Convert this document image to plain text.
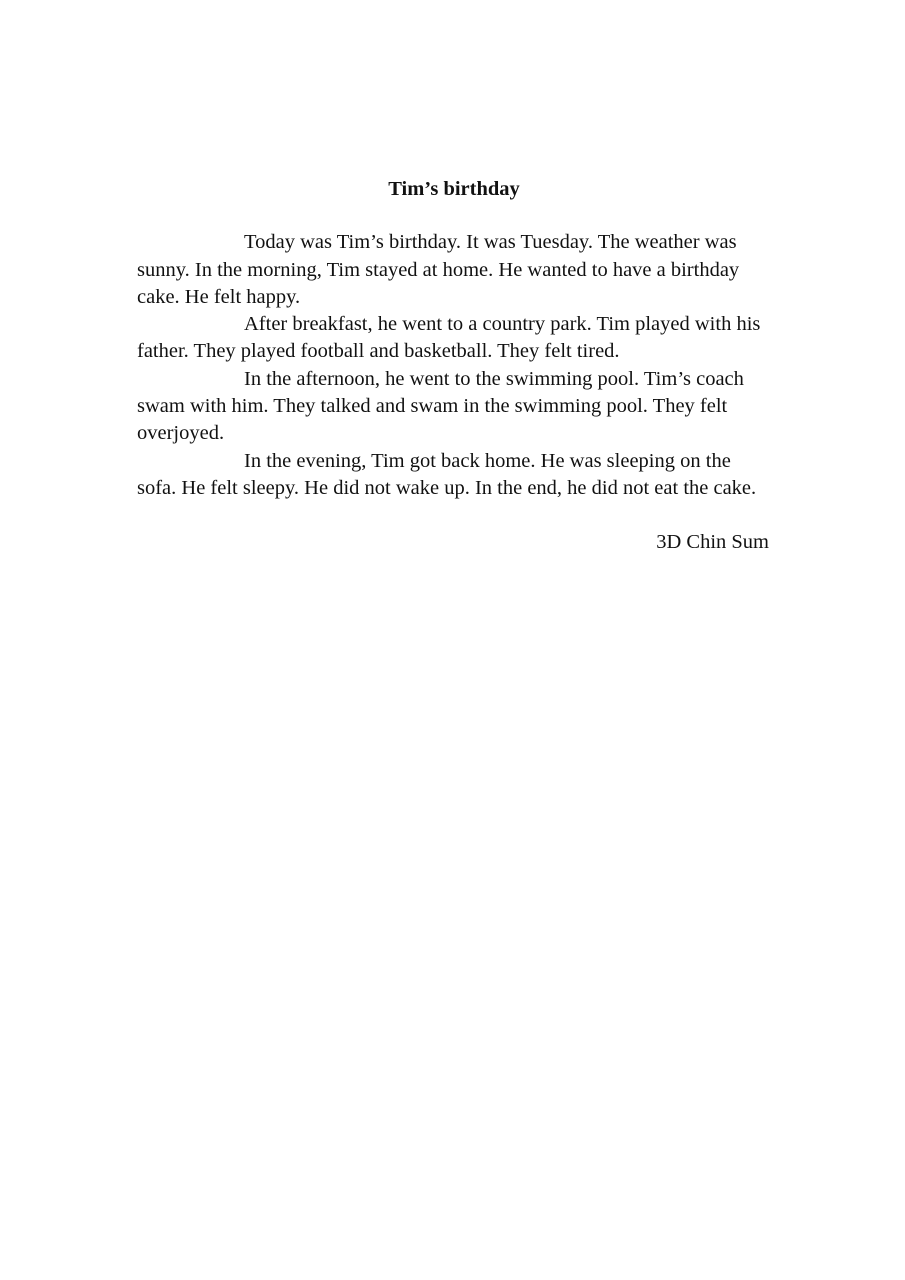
Tim’s birthday

Today was Tim’s birthday. It was Tuesday. The weather was sunny. In the morning, Tim stayed at home. He wanted to have a birthday cake. He felt happy.

After breakfast, he went to a country park. Tim played with his father. They played football and basketball. They felt tired.

In the afternoon, he went to the swimming pool. Tim’s coach swam with him. They talked and swam in the swimming pool. They felt overjoyed.

In the evening, Tim got back home. He was sleeping on the sofa. He felt sleepy. He did not wake up. In the end, he did not eat the cake.

3D Chin Sum
